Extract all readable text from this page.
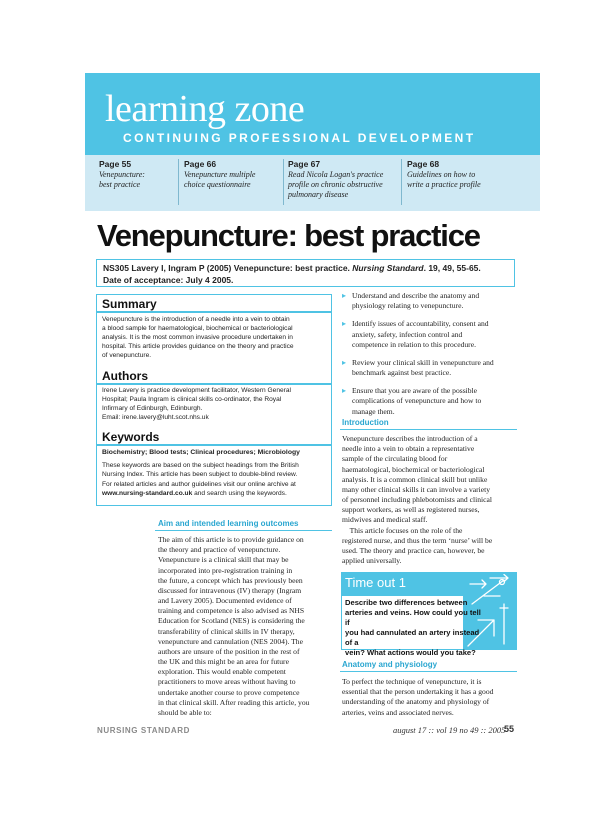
learning zone
CONTINUING PROFESSIONAL DEVELOPMENT
Page 55
Venepuncture:
best practice
Page 66
Venepuncture multiple
choice questionnaire
Page 67
Read Nicola Logan's practice
profile on chronic obstructive
pulmonary disease
Page 68
Guidelines on how to
write a practice profile
Venepuncture: best practice
NS305 Lavery I, Ingram P (2005) Venepuncture: best practice. Nursing Standard. 19, 49, 55-65.
Date of acceptance: July 4 2005.
Summary
Venepuncture is the introduction of a needle into a vein to obtain
a blood sample for haematological, biochemical or bacteriological
analysis. It is the most common invasive procedure undertaken in
hospital. This article provides guidance on the theory and practice
of venepuncture.
Authors
Irene Lavery is practice development facilitator, Western General
Hospital; Paula Ingram is clinical skills co-ordinator, the Royal
Infirmary of Edinburgh, Edinburgh.
Email: irene.lavery@luht.scot.nhs.uk
Keywords
Biochemistry; Blood tests; Clinical procedures; Microbiology
These keywords are based on the subject headings from the British
Nursing Index. This article has been subject to double-blind review.
For related articles and author guidelines visit our online archive at
www.nursing-standard.co.uk and search using the keywords.
Aim and intended learning outcomes

The aim of this article is to provide guidance on

the theory and practice of venepuncture.

Venepuncture is a clinical skill that may be

incorporated into pre-registration training in

the future, a concept which has previously been

discussed for intravenous (IV) therapy (Ingram

and Lavery 2005). Documented evidence of

training and competence is also advised as NHS

Education for Scotland (NES) is considering the

transferability of clinical skills in IV therapy,

venepuncture and cannulation (NES 2004). The

authors are unsure of the position in the rest of

the UK and this might be an area for future

exploration. This would enable competent

practitioners to move areas without having to

undertake another course to prove competence

in that clinical skill. After reading this article, you

should be able to:

▸ Understand and describe the anatomy and
physiology relating to venepuncture.
▸ Identify issues of accountability, consent and
anxiety, safety, infection control and
competence in relation to this procedure.
▸ Review your clinical skill in venepuncture and
benchmark against best practice.
▸ Ensure that you are aware of the possible
complications of venepuncture and how to
manage them.
Introduction

Venepuncture describes the introduction of a

needle into a vein to obtain a representative

sample of the circulating blood for

haematological, biochemical or bacteriological

analysis. It is a common clinical skill but unlike

many other clinical skills it can involve a variety

of personnel including phlebotomists and clinical

support workers, as well as registered nurses,

midwives and medical staff.

 This article focuses on the role of the

registered nurse, and thus the term ‘nurse’ will be

used. The theory and practice can, however, be

applied universally.

Time out 1
Describe two differences between
arteries and veins. How could you tell if
you had cannulated an artery instead of a
vein? What actions would you take?
Anatomy and physiology

To perfect the technique of venepuncture, it is

essential that the person undertaking it has a good

understanding of the anatomy and physiology of

arteries, veins and associated nerves.

NURSING STANDARD	august 17 :: vol 19 no 49 :: 2005
55
